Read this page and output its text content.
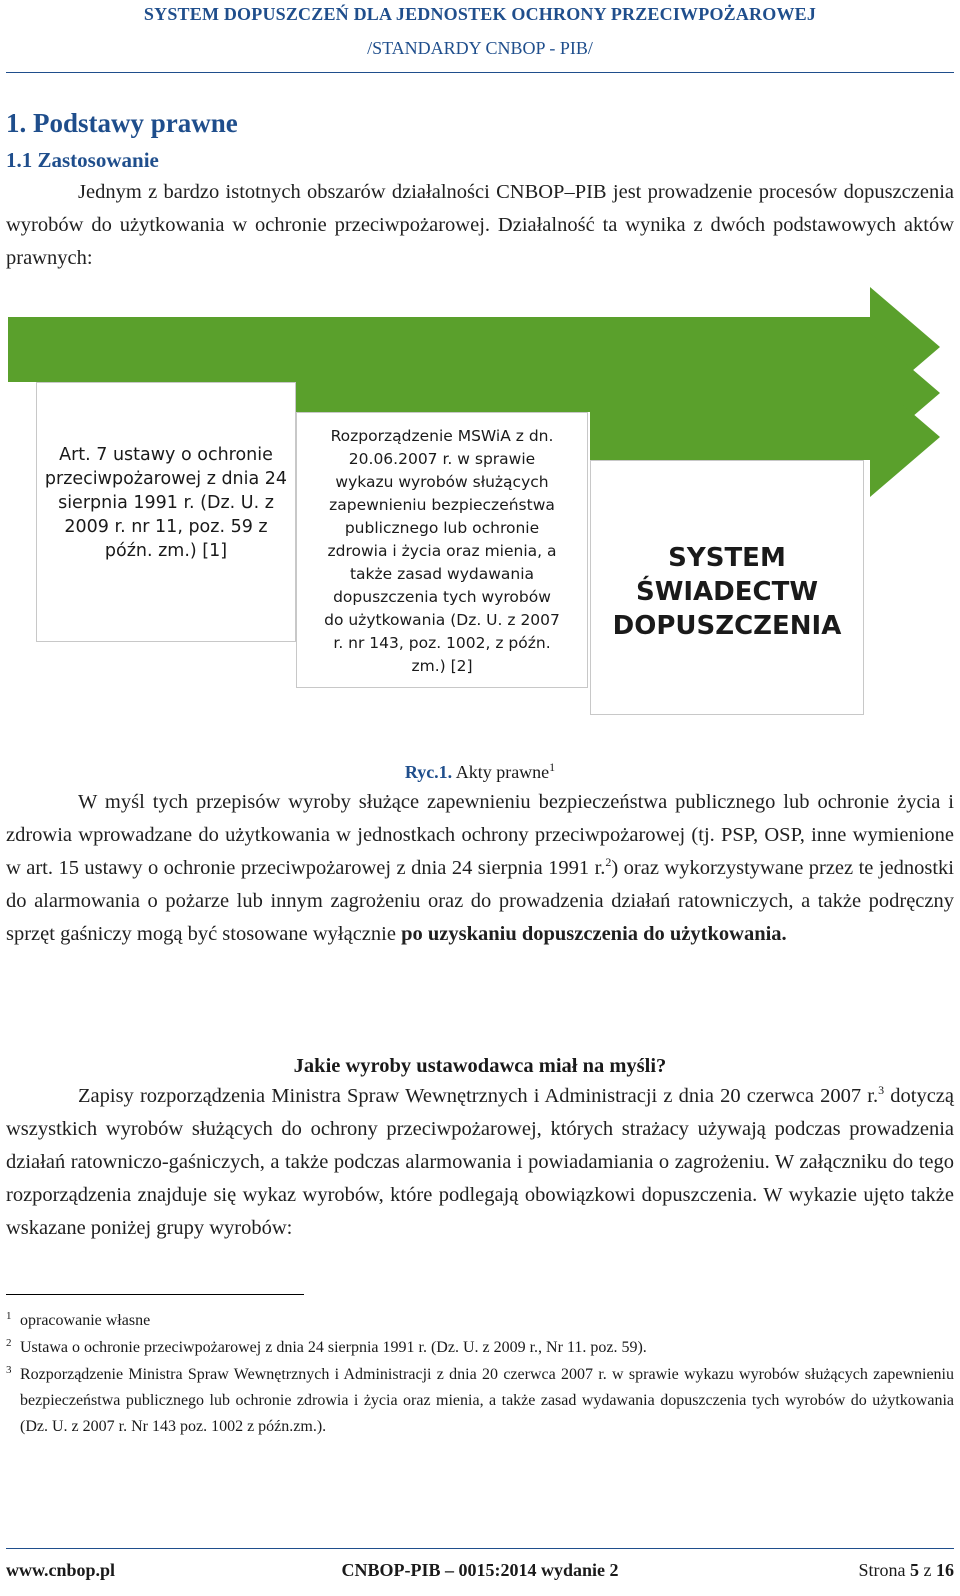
SYSTEM DOPUSZCZEŃ DLA JEDNOSTEK OCHRONY PRZECIWPOŻAROWEJ
/STANDARDY CNBOP - PIB/
1. Podstawy prawne
1.1 Zastosowanie
Jednym z bardzo istotnych obszarów działalności CNBOP–PIB jest prowadzenie procesów dopuszczenia wyrobów do użytkowania w ochronie przeciwpożarowej. Działalność ta wynika z dwóch podstawowych aktów prawnych:
Art. 7 ustawy o ochronie
przeciwpożarowej z dnia 24
sierpnia 1991 r. (Dz. U. z
2009 r. nr 11, poz. 59 z
późn. zm.) [1]
Rozporządzenie MSWiA z dn.
20.06.2007 r. w sprawie
wykazu wyrobów służących
zapewnieniu bezpieczeństwa
publicznego lub ochronie
zdrowia i życia oraz mienia, a
także zasad wydawania
dopuszczenia tych wyrobów
do użytkowania (Dz. U. z 2007
r. nr 143, poz. 1002, z późn.
zm.) [2]
SYSTEM
ŚWIADECTW
DOPUSZCZENIA
Ryc.1. Akty prawne$^1$
W myśl tych przepisów wyroby służące zapewnieniu bezpieczeństwa publicznego lub ochronie życia i zdrowia wprowadzane do użytkowania w jednostkach ochrony przeciwpożarowej (tj. PSP, OSP, inne wymienione w art. 15 ustawy o ochronie przeciwpożarowej z dnia 24 sierpnia 1991 r.$^2$) oraz wykorzystywane przez te jednostki do alarmowania o pożarze lub innym zagrożeniu oraz do prowadzenia działań ratowniczych, a także podręczny sprzęt gaśniczy mogą być stosowane wyłącznie po uzyskaniu dopuszczenia do użytkowania.
Jakie wyroby ustawodawca miał na myśli?
Zapisy rozporządzenia Ministra Spraw Wewnętrznych i Administracji z dnia 20 czerwca 2007 r.$^3$ dotyczą wszystkich wyrobów służących do ochrony przeciwpożarowej, których strażacy używają podczas prowadzenia działań ratowniczo-gaśniczych, a także podczas alarmowania i powiadamiania o zagrożeniu. W załączniku do tego rozporządzenia znajduje się wykaz wyrobów, które podlegają obowiązkowi dopuszczenia. W wykazie ujęto także wskazane poniżej grupy wyrobów:
1 opracowanie własne
2 Ustawa o ochronie przeciwpożarowej z dnia 24 sierpnia 1991 r. (Dz. U. z 2009 r., Nr 11. poz. 59).
3 Rozporządzenie Ministra Spraw Wewnętrznych i Administracji z dnia 20 czerwca 2007 r. w sprawie wykazu wyrobów służących zapewnieniu bezpieczeństwa publicznego lub ochronie zdrowia i życia oraz mienia, a także zasad wydawania dopuszczenia tych wyrobów do użytkowania (Dz. U. z 2007 r. Nr 143 poz. 1002 z późn.zm.).
www.cnbop.pl	CNBOP-PIB – 0015:2014 wydanie 2	Strona 5 z 16
